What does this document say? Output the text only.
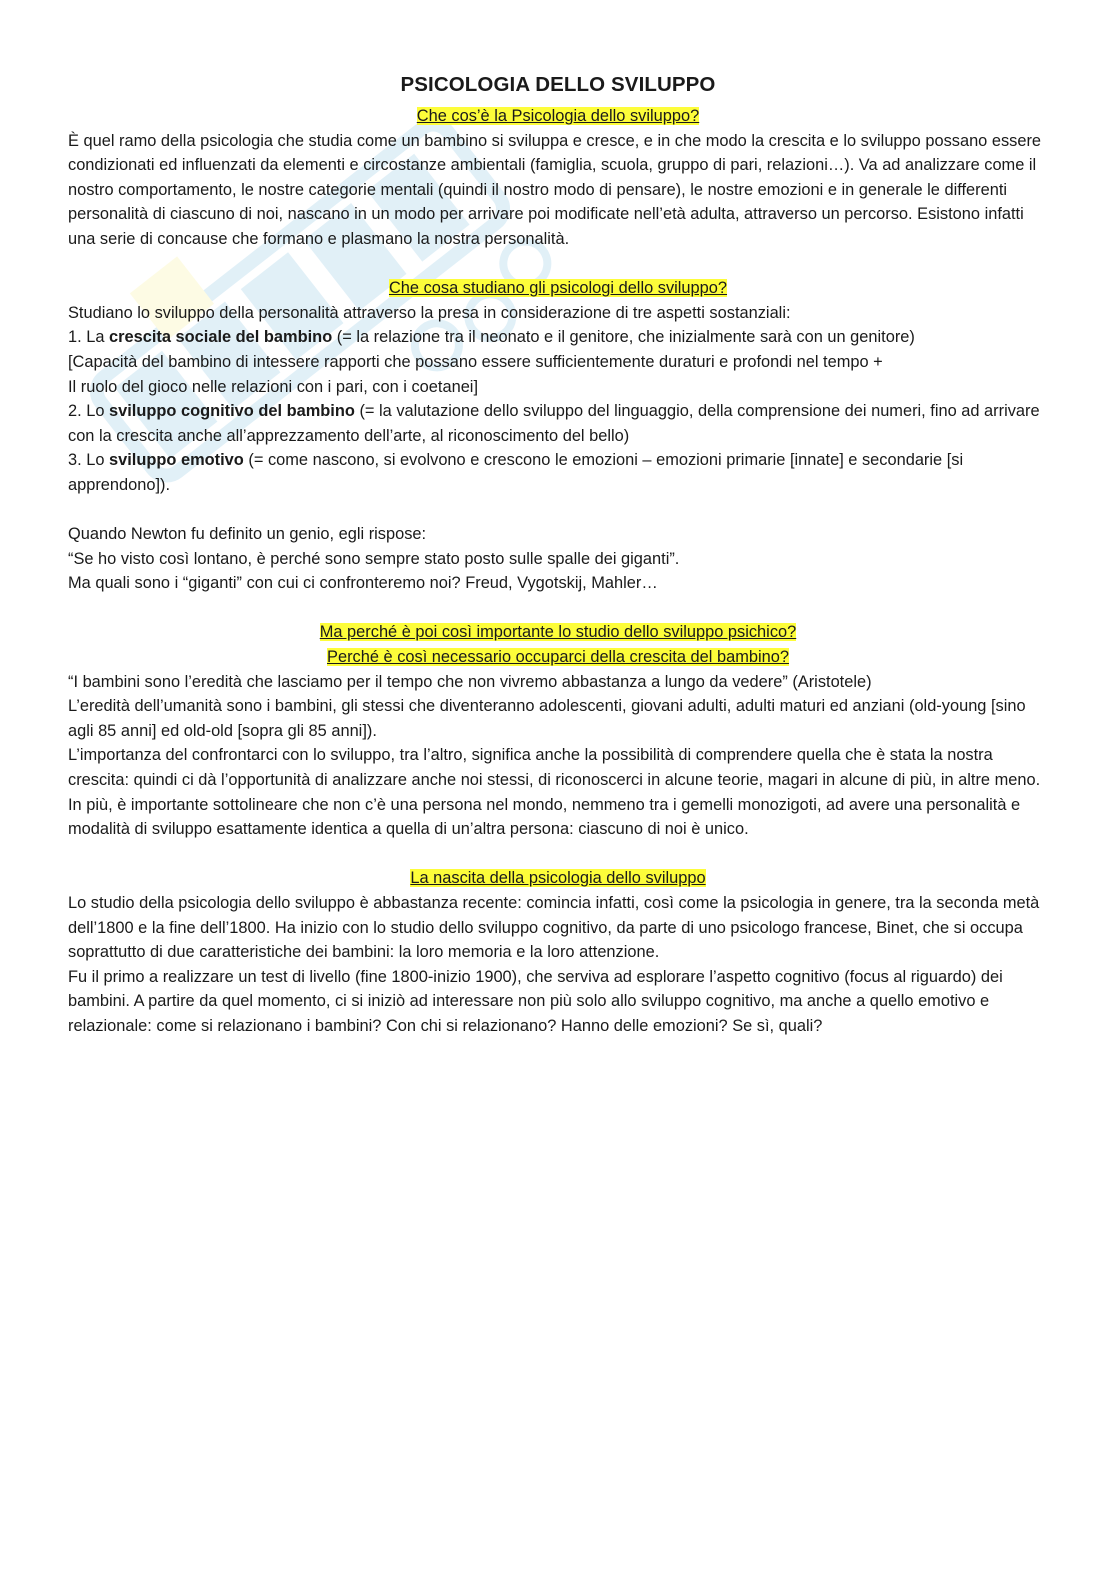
PSICOLOGIA DELLO SVILUPPO
Che cos’è la Psicologia dello sviluppo?

È quel ramo della psicologia che studia come un bambino si sviluppa e cresce, e in che modo la crescita e lo sviluppo possano essere condizionati ed influenzati da elementi e circostanze ambientali (famiglia, scuola, gruppo di pari, relazioni…). Va ad analizzare come il nostro comportamento, le nostre categorie mentali (quindi il nostro modo di pensare), le nostre emozioni e in generale le differenti personalità di ciascuno di noi, nascano in un modo per arrivare poi modificate nell’età adulta, attraverso un percorso. Esistono infatti una serie di concause che formano e plasmano la nostra personalità.

Che cosa studiano gli psicologi dello sviluppo?

Studiano lo sviluppo della personalità attraverso la presa in considerazione di tre aspetti sostanziali:

1. La crescita sociale del bambino (= la relazione tra il neonato e il genitore, che inizialmente sarà con un genitore)

[Capacità del bambino di intessere rapporti che possano essere sufficientemente duraturi e profondi nel tempo +

Il ruolo del gioco nelle relazioni con i pari, con i coetanei]

2. Lo sviluppo cognitivo del bambino (= la valutazione dello sviluppo del linguaggio, della comprensione dei numeri, fino ad arrivare con la crescita anche all’apprezzamento dell’arte, al riconoscimento del bello)

3. Lo sviluppo emotivo (= come nascono, si evolvono e crescono le emozioni – emozioni primarie [innate] e secondarie [si apprendono]).

Quando Newton fu definito un genio, egli rispose:

“Se ho visto così lontano, è perché sono sempre stato posto sulle spalle dei giganti”.

Ma quali sono i “giganti” con cui ci confronteremo noi? Freud, Vygotskij, Mahler…

Ma perché è poi così importante lo studio dello sviluppo psichico?
Perché è così necessario occuparci della crescita del bambino?

“I bambini sono l’eredità che lasciamo per il tempo che non vivremo abbastanza a lungo da vedere” (Aristotele)

L’eredità dell’umanità sono i bambini, gli stessi che diventeranno adolescenti, giovani adulti, adulti maturi ed anziani (old-young [sino agli 85 anni] ed old-old [sopra gli 85 anni]).

L’importanza del confrontarci con lo sviluppo, tra l’altro, significa anche la possibilità di comprendere quella che è stata la nostra crescita: quindi ci dà l’opportunità di analizzare anche noi stessi, di riconoscerci in alcune teorie, magari in alcune di più, in altre meno. In più, è importante sottolineare che non c’è una persona nel mondo, nemmeno tra i gemelli monozigoti, ad avere una personalità e modalità di sviluppo esattamente identica a quella di un’altra persona: ciascuno di noi è unico.

La nascita della psicologia dello sviluppo

Lo studio della psicologia dello sviluppo è abbastanza recente: comincia infatti, così come la psicologia in genere, tra la seconda metà dell’1800 e la fine dell’1800. Ha inizio con lo studio dello sviluppo cognitivo, da parte di uno psicologo francese, Binet, che si occupa soprattutto di due caratteristiche dei bambini: la loro memoria e la loro attenzione.

Fu il primo a realizzare un test di livello (fine 1800-inizio 1900), che serviva ad esplorare l’aspetto cognitivo (focus al riguardo) dei bambini. A partire da quel momento, ci si iniziò ad interessare non più solo allo sviluppo cognitivo, ma anche a quello emotivo e relazionale: come si relazionano i bambini? Con chi si relazionano? Hanno delle emozioni? Se sì, quali?
